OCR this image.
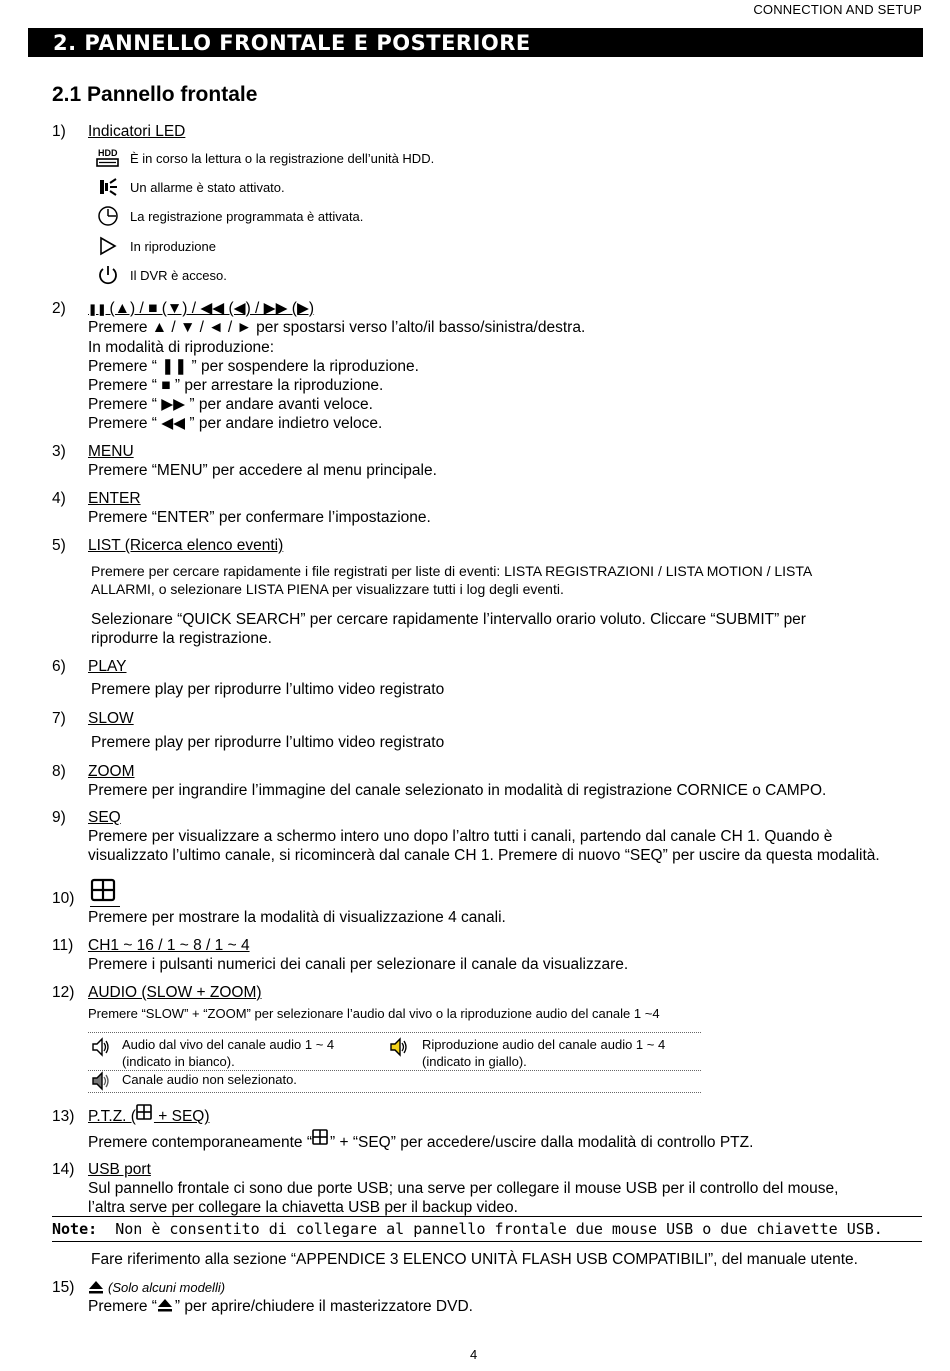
CONNECTION AND SETUP
2. PANNELLO FRONTALE E POSTERIORE
2.1 Pannello frontale
1) Indicatori LED
HDD È in corso la lettura o la registrazione dell’unità HDD.
Un allarme è stato attivato.
La registrazione programmata è attivata.
In riproduzione
Il DVR è acceso.
2) ❚❚ (▲) / ■ (▼) / ◀◀ (◀) / ▶▶ (▶)
Premere ▲ / ▼ / ◄ / ► per spostarsi verso l’alto/il basso/sinistra/destra.
In modalità di riproduzione:
Premere “ ❚❚ ” per sospendere la riproduzione.
Premere “ ■ ” per arrestare la riproduzione.
Premere “ ▶▶ ” per andare avanti veloce.
Premere “ ◀◀ ” per andare indietro veloce.
3) MENU
Premere “MENU” per accedere al menu principale.
4) ENTER
Premere “ENTER” per confermare l’impostazione.
5) LIST (Ricerca elenco eventi)
Premere per cercare rapidamente i file registrati per liste di eventi: LISTA REGISTRAZIONI / LISTA MOTION / LISTA
ALLARMI, o selezionare LISTA PIENA per visualizzare tutti i log degli eventi.
Selezionare “QUICK SEARCH” per cercare rapidamente l’intervallo orario voluto. Cliccare “SUBMIT” per
riprodurre la registrazione.
6) PLAY
Premere play per riprodurre l’ultimo video registrato
7) SLOW
Premere play per riprodurre l’ultimo video registrato
8) ZOOM
Premere per ingrandire l’immagine del canale selezionato in modalità di registrazione CORNICE o CAMPO.
9) SEQ
Premere per visualizzare a schermo intero uno dopo l’altro tutti i canali, partendo dal canale CH 1. Quando è
visualizzato l’ultimo canale, si ricomincerà dal canale CH 1. Premere di nuovo “SEQ” per uscire da questa modalità.
10)
Premere per mostrare la modalità di visualizzazione 4 canali.
11) CH1 ~ 16 / 1 ~ 8 / 1 ~ 4
Premere i pulsanti numerici dei canali per selezionare il canale da visualizzare.
12) AUDIO (SLOW + ZOOM)
Premere “SLOW” + “ZOOM” per selezionare l’audio dal vivo o la riproduzione audio del canale 1 ~4
Audio dal vivo del canale audio 1 ~ 4
(indicato in bianco).
Riproduzione audio del canale audio 1 ~ 4
(indicato in giallo).
Canale audio non selezionato.
13) P.T.Z. ( + SEQ)
Premere contemporaneamente “ ” + “SEQ” per accedere/uscire dalla modalità di controllo PTZ.
14) USB port
Sul pannello frontale ci sono due porte USB; una serve per collegare il mouse USB per il controllo del mouse,
l’altra serve per collegare la chiavetta USB per il backup video.
Note: Non è consentito di collegare al pannello frontale due mouse USB o due chiavette USB.
Fare riferimento alla sezione “APPENDICE 3 ELENCO UNITÀ FLASH USB COMPATIBILI”, del manuale utente.
15)	(Solo alcuni modelli)
Premere “ ” per aprire/chiudere il masterizzatore DVD.
4
